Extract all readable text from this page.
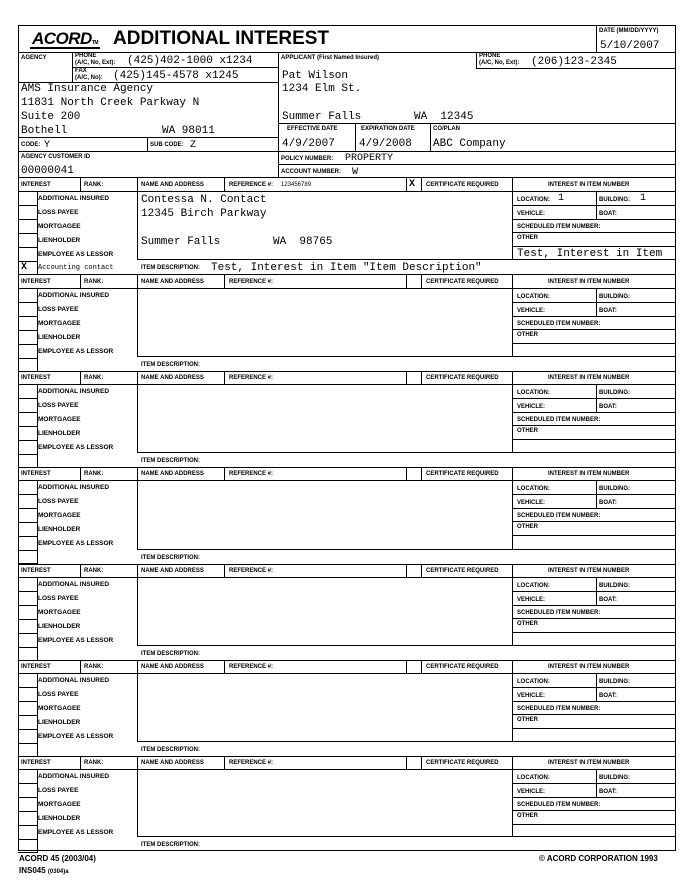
ACORDTM ADDITIONAL INTEREST	DATE (MM/DD/YYYY)
5/10/2007
AGENCY	PHONE
(A/C, No, Ext): (425)402-1000 x1234
FAX
(A/C, No): (425)145-4578 x1245
AMS Insurance Agency
11831 North Creek Parkway N
Suite 200
Bothell	WA 98011
CODE: Y	SUB CODE: Z
AGENCY CUSTOMER ID
00000041
APPLICANT (First Named Insured)	PHONE
(A/C, No, Ext): (206)123-2345
Pat Wilson
1234 Elm St.
Summer Falls        WA  12345
EFFECTIVE DATE
4/9/2007
EXPIRATION DATE
4/9/2008
CO/PLAN
ABC Company
POLICY NUMBER: PROPERTY
ACCOUNT NUMBER: W
INTEREST	RANK:	NAME AND ADDRESS	REFERENCE #: 123456789	X CERTIFICATE REQUIRED	INTEREST IN ITEM NUMBER
ADDITIONAL INSURED
LOSS PAYEE
MORTGAGEE
LIENHOLDER
EMPLOYEE AS LESSOR
X Accounting contact
Contessa N. Contact
12345 Birch Parkway
Summer Falls        WA  98765
LOCATION: 1	BUILDING: 1
VEHICLE:	BOAT:
SCHEDULED ITEM NUMBER:
OTHER
Test, Interest in Item
ITEM DESCRIPTION: Test, Interest in Item "Item Description"
INTEREST	RANK:	NAME AND ADDRESS	REFERENCE #:	CERTIFICATE REQUIRED	INTEREST IN ITEM NUMBER
ADDITIONAL INSURED
LOSS PAYEE
MORTGAGEE
LIENHOLDER
EMPLOYEE AS LESSOR
LOCATION:	BUILDING:
VEHICLE:	BOAT:
SCHEDULED ITEM NUMBER:
OTHER
ITEM DESCRIPTION:
INTEREST	RANK:	NAME AND ADDRESS	REFERENCE #:	CERTIFICATE REQUIRED	INTEREST IN ITEM NUMBER
ADDITIONAL INSURED
LOSS PAYEE
MORTGAGEE
LIENHOLDER
EMPLOYEE AS LESSOR
LOCATION:	BUILDING:
VEHICLE:	BOAT:
SCHEDULED ITEM NUMBER:
OTHER
ITEM DESCRIPTION:
INTEREST	RANK:	NAME AND ADDRESS	REFERENCE #:	CERTIFICATE REQUIRED	INTEREST IN ITEM NUMBER
ADDITIONAL INSURED
LOSS PAYEE
MORTGAGEE
LIENHOLDER
EMPLOYEE AS LESSOR
LOCATION:	BUILDING:
VEHICLE:	BOAT:
SCHEDULED ITEM NUMBER:
OTHER
ITEM DESCRIPTION:
INTEREST	RANK:	NAME AND ADDRESS	REFERENCE #:	CERTIFICATE REQUIRED	INTEREST IN ITEM NUMBER
ADDITIONAL INSURED
LOSS PAYEE
MORTGAGEE
LIENHOLDER
EMPLOYEE AS LESSOR
LOCATION:	BUILDING:
VEHICLE:	BOAT:
SCHEDULED ITEM NUMBER:
OTHER
ITEM DESCRIPTION:
INTEREST	RANK:	NAME AND ADDRESS	REFERENCE #:	CERTIFICATE REQUIRED	INTEREST IN ITEM NUMBER
ADDITIONAL INSURED
LOSS PAYEE
MORTGAGEE
LIENHOLDER
EMPLOYEE AS LESSOR
LOCATION:	BUILDING:
VEHICLE:	BOAT:
SCHEDULED ITEM NUMBER:
OTHER
ITEM DESCRIPTION:
INTEREST	RANK:	NAME AND ADDRESS	REFERENCE #:	CERTIFICATE REQUIRED	INTEREST IN ITEM NUMBER
ADDITIONAL INSURED
LOSS PAYEE
MORTGAGEE
LIENHOLDER
EMPLOYEE AS LESSOR
LOCATION:	BUILDING:
VEHICLE:	BOAT:
SCHEDULED ITEM NUMBER:
OTHER
ITEM DESCRIPTION:
ACORD 45 (2003/04)
INS045 (0304)a
© ACORD CORPORATION 1993
